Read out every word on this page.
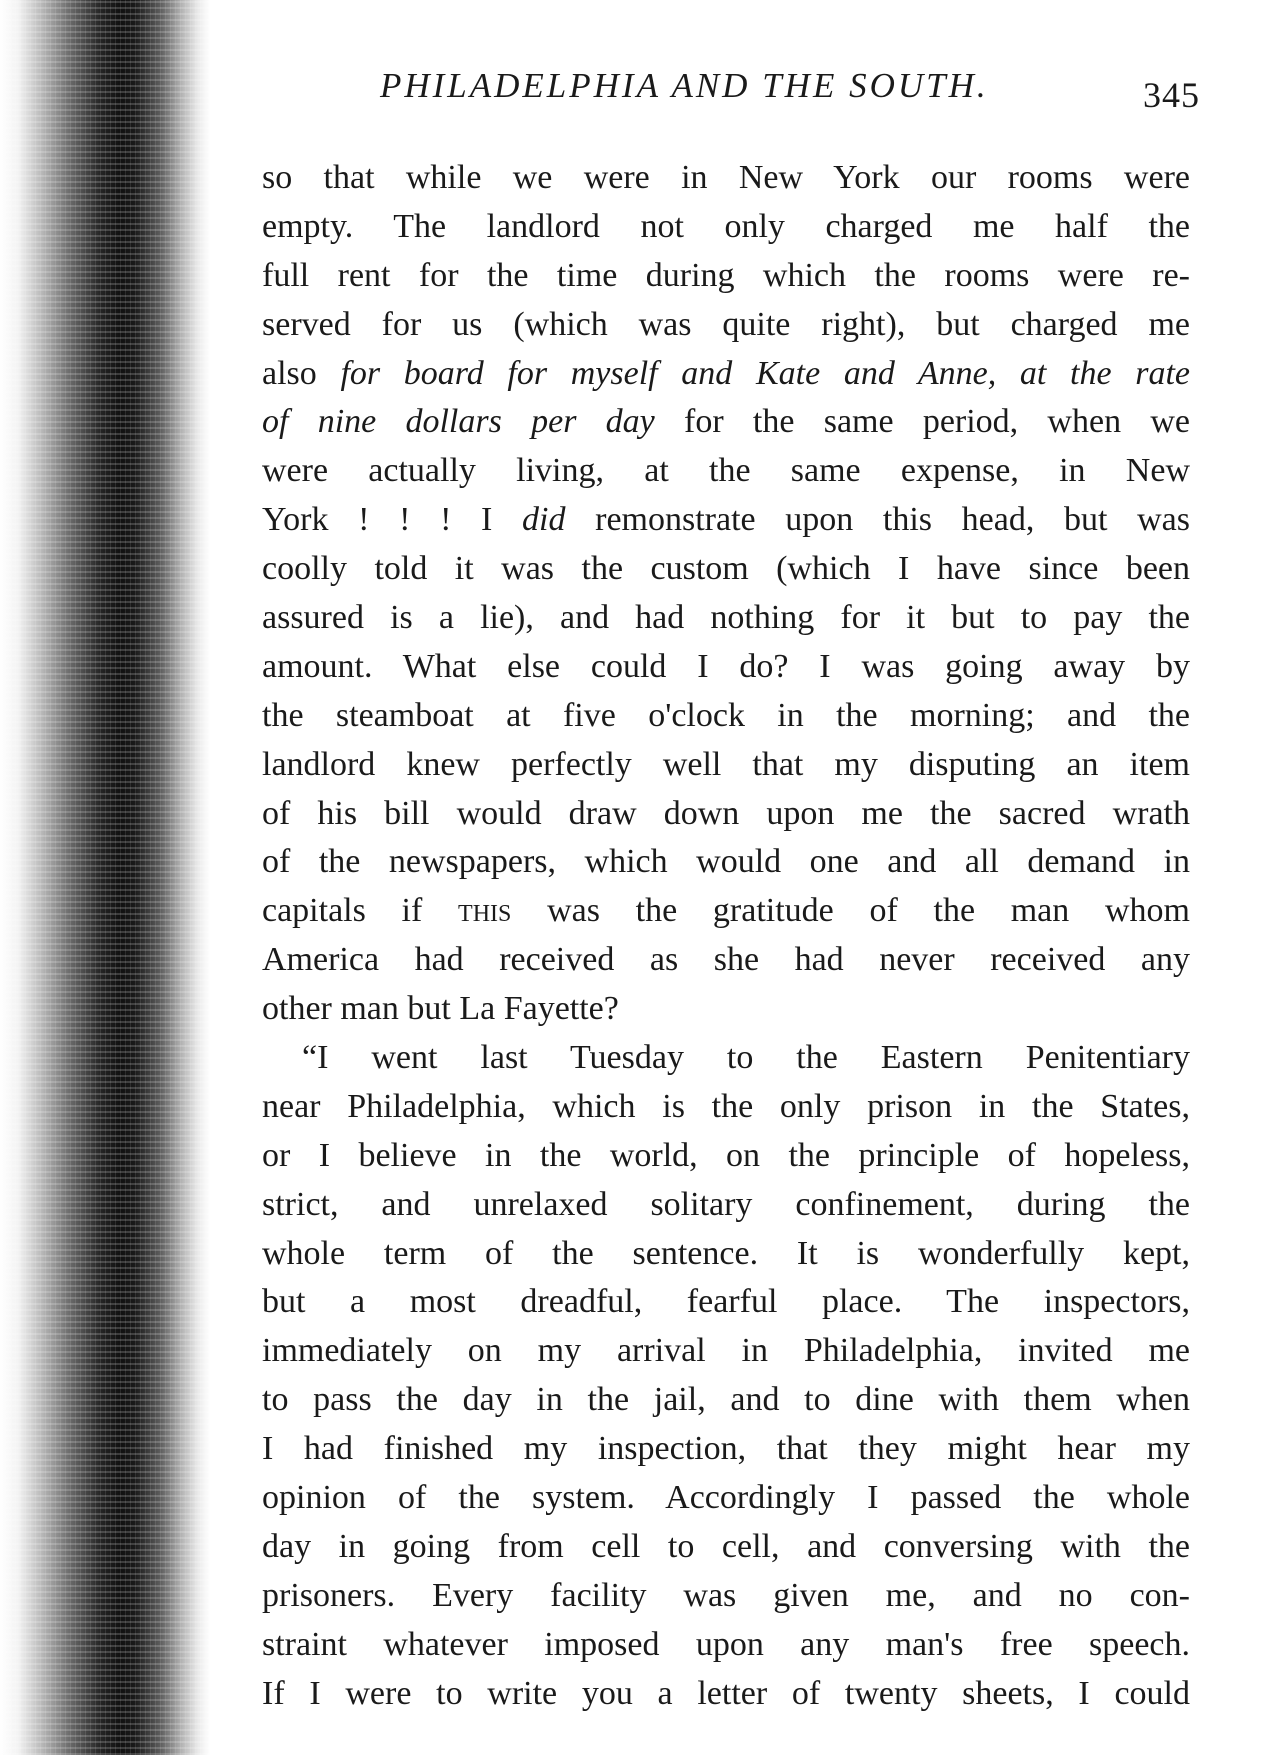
PHILADELPHIA AND THE SOUTH.	345
so that while we were in New York our rooms were
empty. The landlord not only charged me half the
full rent for the time during which the rooms were re-
served for us (which was quite right), but charged me
also for board for myself and Kate and Anne, at the rate
of nine dollars per day for the same period, when we
were actually living, at the same expense, in New
York ! ! ! I did remonstrate upon this head, but was
coolly told it was the custom (which I have since been
assured is a lie), and had nothing for it but to pay the
amount. What else could I do? I was going away by
the steamboat at five o'clock in the morning; and the
landlord knew perfectly well that my disputing an item
of his bill would draw down upon me the sacred wrath
of the newspapers, which would one and all demand in
capitals if this was the gratitude of the man whom
America had received as she had never received any
other man but La Fayette?
“I went last Tuesday to the Eastern Penitentiary
near Philadelphia, which is the only prison in the States,
or I believe in the world, on the principle of hopeless,
strict, and unrelaxed solitary confinement, during the
whole term of the sentence. It is wonderfully kept,
but a most dreadful, fearful place. The inspectors,
immediately on my arrival in Philadelphia, invited me
to pass the day in the jail, and to dine with them when
I had finished my inspection, that they might hear my
opinion of the system. Accordingly I passed the whole
day in going from cell to cell, and conversing with the
prisoners. Every facility was given me, and no con-
straint whatever imposed upon any man's free speech.
If I were to write you a letter of twenty sheets, I could
